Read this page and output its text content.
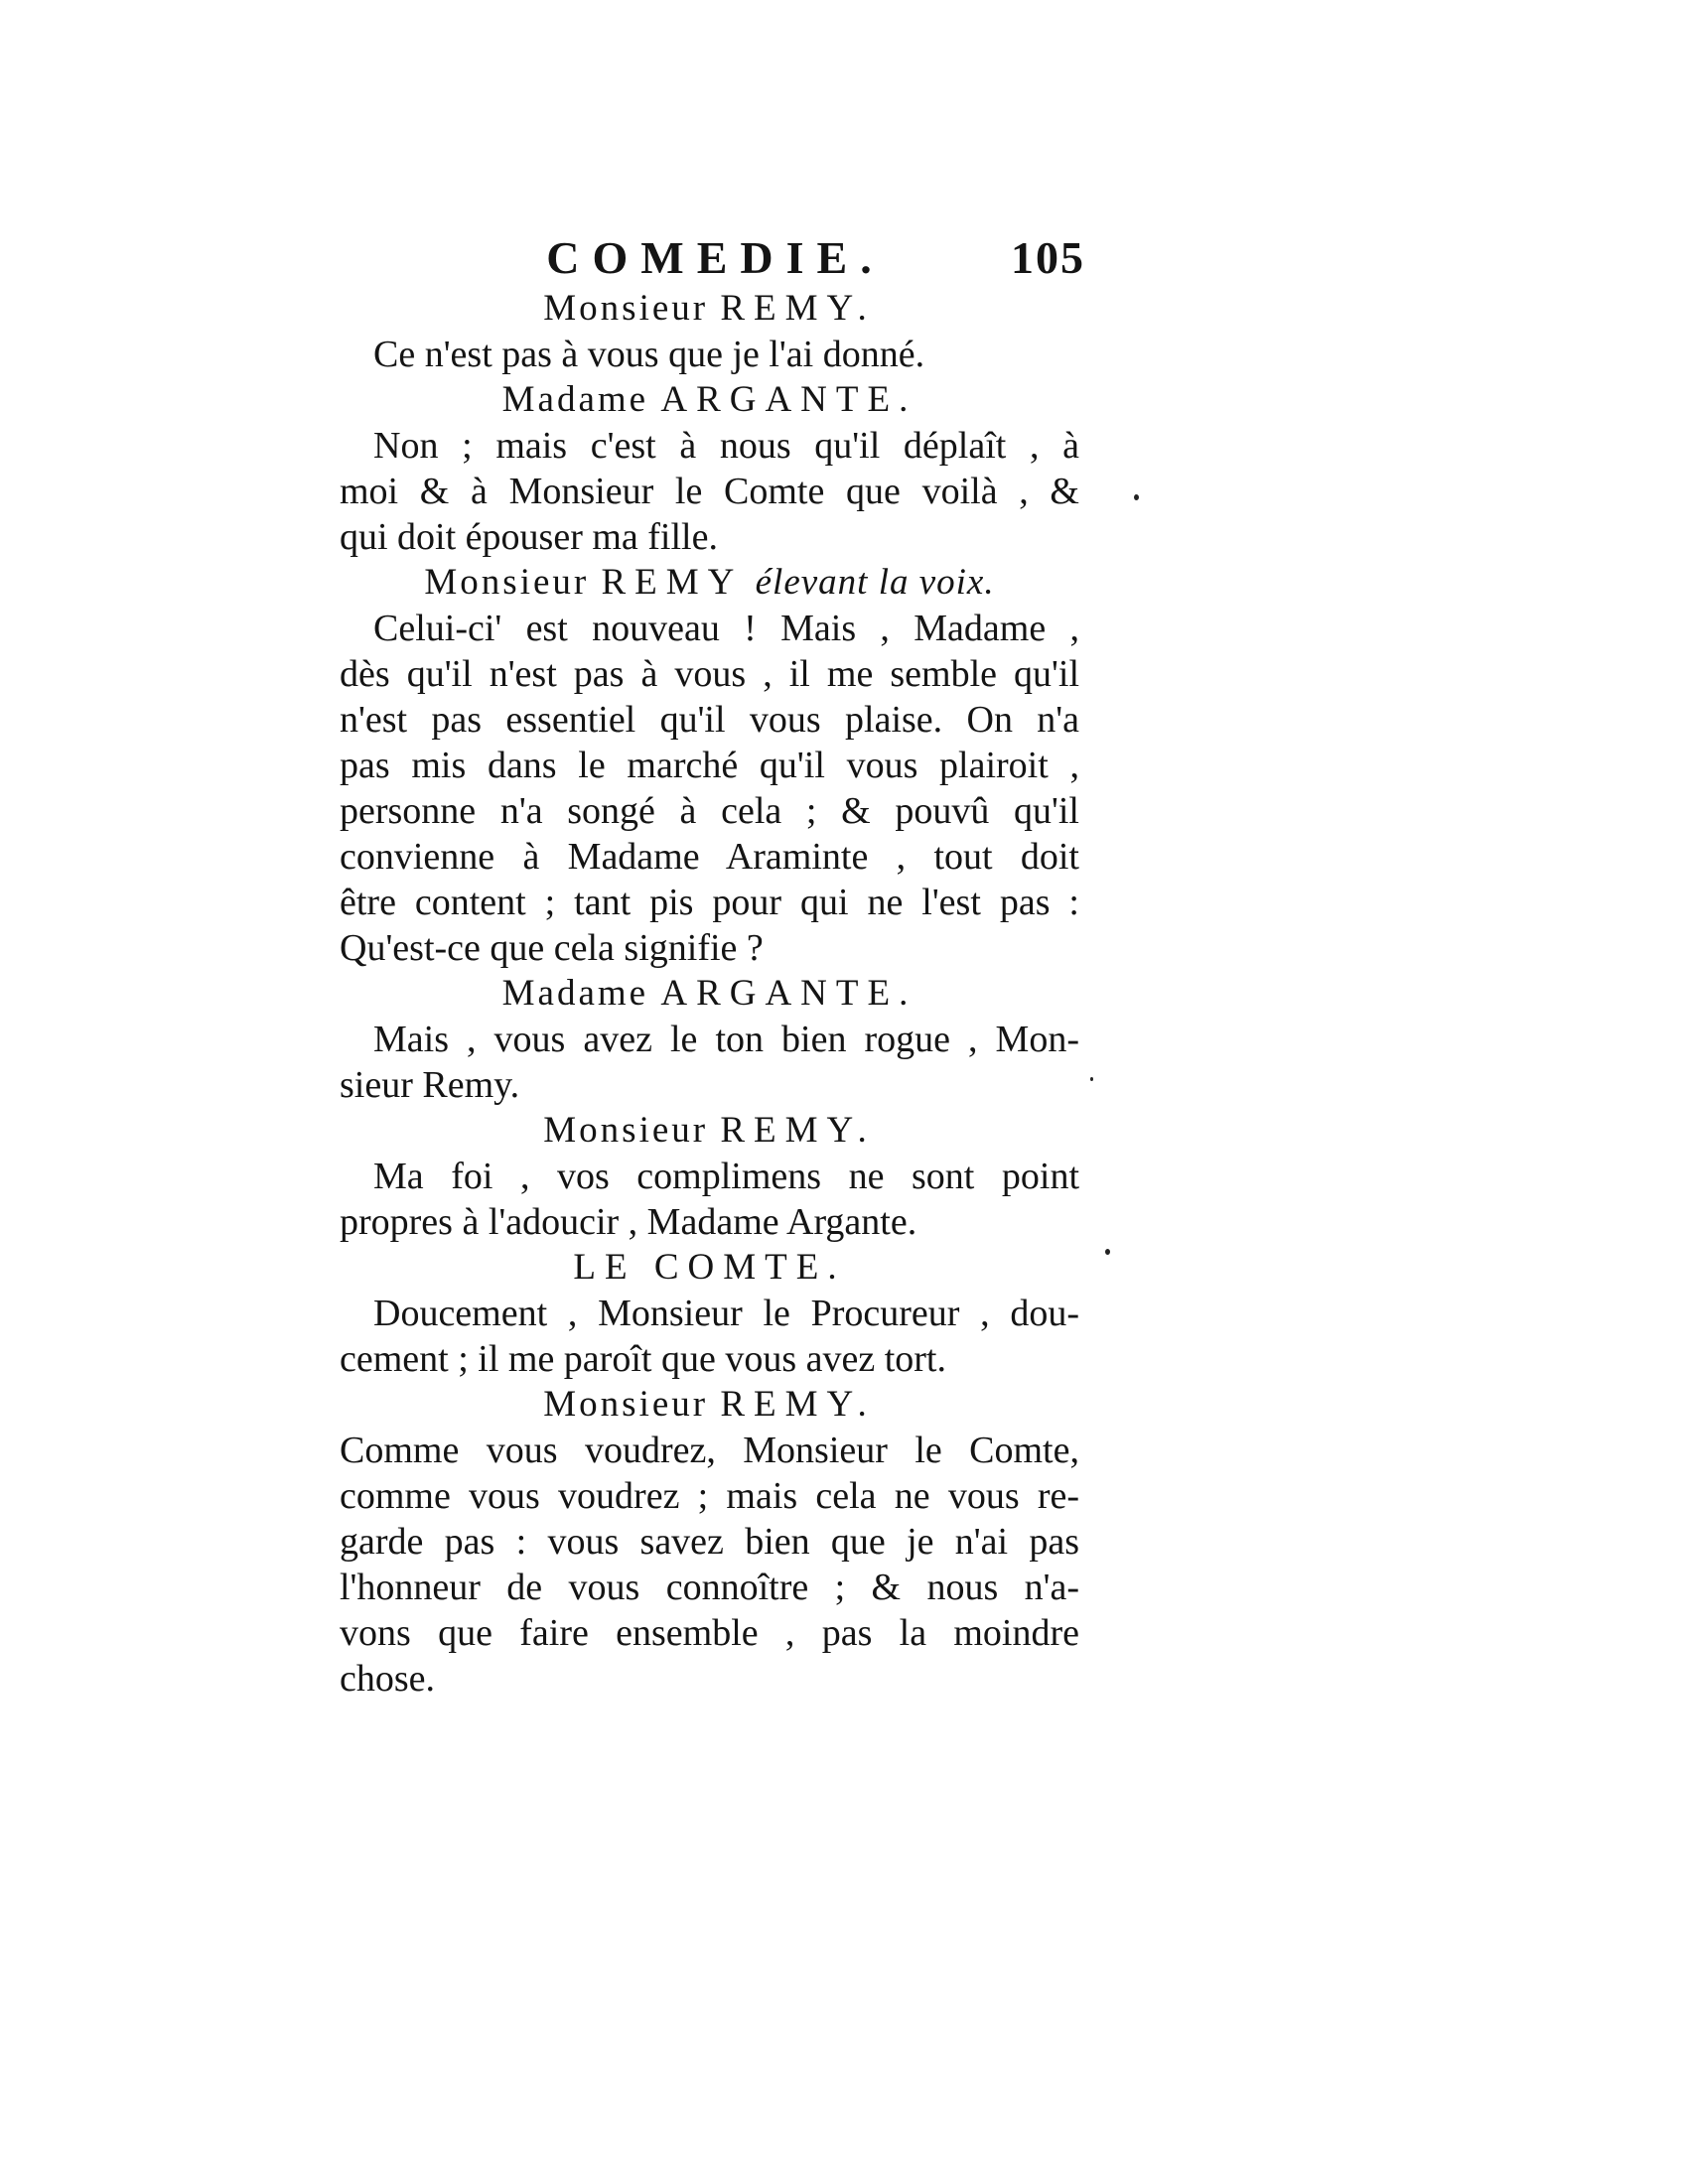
COMEDIE.	105
Monsieur REMY.
Ce n'est pas à vous que je l'ai donné.
Madame ARGANTE.
Non ; mais c'est à nous qu'il déplaît , à
moi & à Monsieur le Comte que voilà , &
qui doit épouser ma fille.
Monsieur REMY élevant la voix.
Celui-ci' est nouveau ! Mais , Madame ,
dès qu'il n'est pas à vous , il me semble qu'il
n'est pas essentiel qu'il vous plaise. On n'a
pas mis dans le marché qu'il vous plairoit ,
personne n'a songé à cela ; & pouvû qu'il
convienne à Madame Araminte , tout doit
être content ; tant pis pour qui ne l'est pas :
Qu'est-ce que cela signifie ?
Madame ARGANTE.
Mais , vous avez le ton bien rogue , Mon-
sieur Remy.
Monsieur REMY.
Ma foi , vos complimens ne sont point
propres à l'adoucir , Madame Argante.
LE COMTE.
Doucement , Monsieur le Procureur , dou-
cement ; il me paroît que vous avez tort.
Monsieur REMY.
Comme vous voudrez, Monsieur le Comte,
comme vous voudrez ; mais cela ne vous re-
garde pas : vous savez bien que je n'ai pas
l'honneur de vous connoître ; & nous n'a-
vons que faire ensemble , pas la moindre
chose.
